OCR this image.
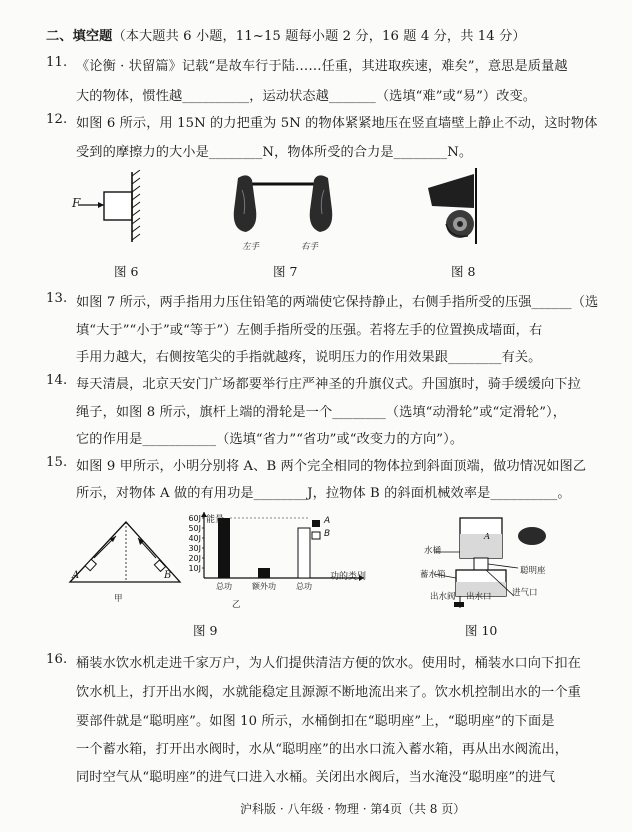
二、填空题（本大题共 6 小题，11~15 题每小题 2 分，16 题 4 分，共 14 分）
11. 《论衡 · 状留篇》记载“是故车行于陆……任重，其进取疾速，难矣”，意思是质量越
大的物体，惯性越__________，运动状态越_______（选填“难”或“易”）改变。
12. 如图 6 所示，用 15N 的力把重为 5N 的物体紧紧地压在竖直墙壁上静止不动，这时物体
受到的摩擦力的大小是________N，物体所受的合力是________N。
F
图 6
左手	右手
图 7	图 8
13. 如图 7 所示，两手指用力压住铅笔的两端使它保持静止，右侧手指所受的压强______（选
填“大于”“小于”或“等于”）左侧手指所受的压强。若将左手的位置换成墙面，右
手用力越大，右侧按笔尖的手指就越疼，说明压力的作用效果跟________有关。
14. 每天清晨，北京天安门广场都要举行庄严神圣的升旗仪式。升国旗时，骑手缓缓向下拉
绳子，如图 8 所示，旗杆上端的滑轮是一个________（选填“动滑轮”或“定滑轮”），
它的作用是___________（选填“省力”“省功”或“改变力的方向”）。
15. 如图 9 甲所示，小明分别将 A、B 两个完全相同的物体拉到斜面顶端，做功情况如图乙
所示，对物体 A 做的有用功是________J，拉物体 B 的斜面机械效率是__________。
A	B
甲
10J
20J
30J
40J
50J
60J
总功	额外功	总功
能量
功的类别
A
B
乙
图 9
A
水桶
蓄水箱	聪明座
出水阀 出水口 进气口
图 10
16. 桶装水饮水机走进千家万户，为人们提供清洁方便的饮水。使用时，桶装水口向下扣在
饮水机上，打开出水阀，水就能稳定且源源不断地流出来了。饮水机控制出水的一个重
要部件就是“聪明座”。如图 10 所示，水桶倒扣在“聪明座”上，“聪明座”的下面是
一个蓄水箱，打开出水阀时，水从“聪明座”的出水口流入蓄水箱，再从出水阀流出，
同时空气从“聪明座”的进气口进入水桶。关闭出水阀后，当水淹没“聪明座”的进气
沪科版 · 八年级 · 物理 · 第4页（共 8 页）
